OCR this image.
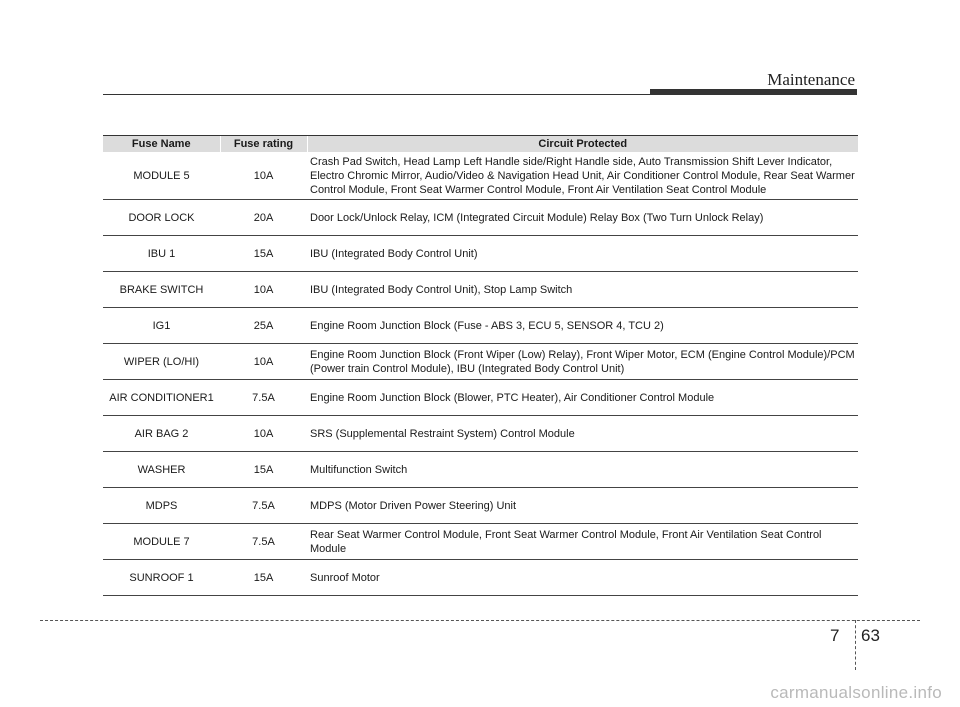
Maintenance
Fuse Name	Fuse rating	Circuit Protected
MODULE 5	10A	Crash Pad Switch, Head Lamp Left Handle side/Right Handle side, Auto Transmission Shift Lever Indicator, Electro Chromic Mirror, Audio/Video & Navigation Head Unit, Air Conditioner Control Module, Rear Seat Warmer Control Module, Front Seat Warmer Control Module, Front Air Ventilation Seat Control Module
DOOR LOCK	20A	Door Lock/Unlock Relay, ICM (Integrated Circuit Module) Relay Box (Two Turn Unlock Relay)
IBU 1	15A	IBU (Integrated Body Control Unit)
BRAKE SWITCH	10A	IBU (Integrated Body Control Unit), Stop Lamp Switch
IG1	25A	Engine Room Junction Block (Fuse - ABS 3, ECU 5, SENSOR 4, TCU 2)
WIPER (LO/HI)	10A	Engine Room Junction Block (Front Wiper (Low) Relay), Front Wiper Motor, ECM (Engine Control Module)/PCM (Power train Control Module), IBU (Integrated Body Control Unit)
AIR CONDITIONER1	7.5A	Engine Room Junction Block (Blower, PTC Heater), Air Conditioner Control Module
AIR BAG 2	10A	SRS (Supplemental Restraint System) Control Module
WASHER	15A	Multifunction Switch
MDPS	7.5A	MDPS (Motor Driven Power Steering) Unit
MODULE 7	7.5A	Rear Seat Warmer Control Module, Front Seat Warmer Control Module, Front Air Ventilation Seat Control Module
SUNROOF 1	15A	Sunroof Motor
7 63
carmanualsonline.info
